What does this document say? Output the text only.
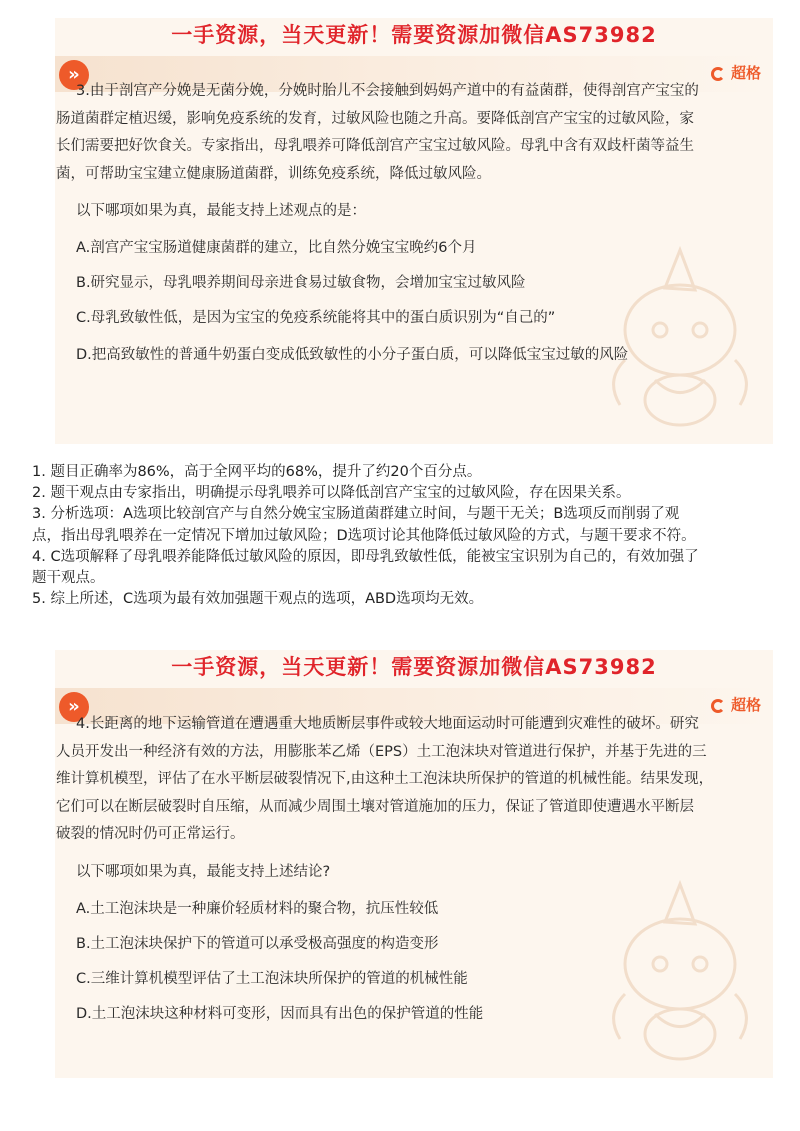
一手资源，当天更新！需要资源加微信AS73982
»	超格
3.由于剖宫产分娩是无菌分娩，分娩时胎儿不会接触到妈妈产道中的有益菌群，使得剖宫产宝宝的
肠道菌群定植迟缓，影响免疫系统的发育，过敏风险也随之升高。要降低剖宫产宝宝的过敏风险，家
长们需要把好饮食关。专家指出，母乳喂养可降低剖宫产宝宝过敏风险。母乳中含有双歧杆菌等益生
菌，可帮助宝宝建立健康肠道菌群，训练免疫系统，降低过敏风险。
以下哪项如果为真，最能支持上述观点的是：
A.剖宫产宝宝肠道健康菌群的建立，比自然分娩宝宝晚约6个月
B.研究显示，母乳喂养期间母亲进食易过敏食物，会增加宝宝过敏风险
C.母乳致敏性低，是因为宝宝的免疫系统能将其中的蛋白质识别为“自己的”
D.把高致敏性的普通牛奶蛋白变成低致敏性的小分子蛋白质，可以降低宝宝过敏的风险
1. 题目正确率为86%，高于全网平均的68%，提升了约20个百分点。
2. 题干观点由专家指出，明确提示母乳喂养可以降低剖宫产宝宝的过敏风险，存在因果关系。
3. 分析选项：A选项比较剖宫产与自然分娩宝宝肠道菌群建立时间，与题干无关；B选项反而削弱了观
点，指出母乳喂养在一定情况下增加过敏风险；D选项讨论其他降低过敏风险的方式，与题干要求不符。
4. C选项解释了母乳喂养能降低过敏风险的原因，即母乳致敏性低，能被宝宝识别为自己的，有效加强了
题干观点。
5. 综上所述，C选项为最有效加强题干观点的选项，ABD选项均无效。
一手资源，当天更新！需要资源加微信AS73982
»	超格
4.长距离的地下运输管道在遭遇重大地质断层事件或较大地面运动时可能遭到灾难性的破坏。研究
人员开发出一种经济有效的方法，用膨胀苯乙烯（EPS）土工泡沫块对管道进行保护，并基于先进的三
维计算机模型，评估了在水平断层破裂情况下,由这种土工泡沫块所保护的管道的机械性能。结果发现，
它们可以在断层破裂时自压缩，从而减少周围土壤对管道施加的压力，保证了管道即使遭遇水平断层
破裂的情况时仍可正常运行。
以下哪项如果为真，最能支持上述结论?
A.土工泡沫块是一种廉价轻质材料的聚合物，抗压性较低
B.土工泡沫块保护下的管道可以承受极高强度的构造变形
C.三维计算机模型评估了土工泡沫块所保护的管道的机械性能
D.土工泡沫块这种材料可变形，因而具有出色的保护管道的性能
